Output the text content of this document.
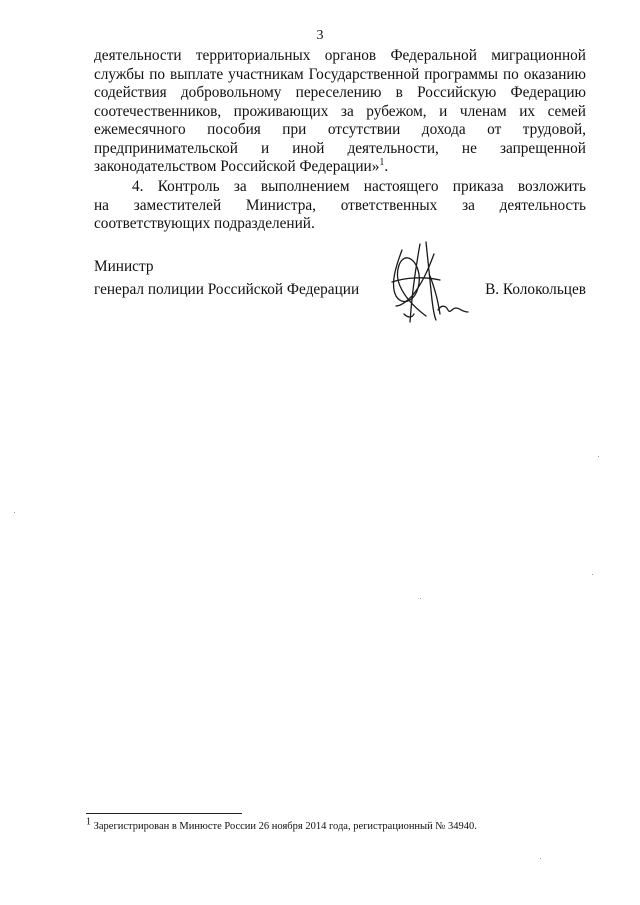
3
деятельности территориальных органов Федеральной миграционной
службы по выплате участникам Государственной программы по оказанию
содействия добровольному переселению в Российскую Федерацию
соотечественников, проживающих за рубежом, и членам их семей
ежемесячного пособия при отсутствии дохода от трудовой,
предпринимательской и иной деятельности, не запрещенной
законодательством Российской Федерации»$^1$.
4. Контроль за выполнением настоящего приказа возложить
на заместителей Министра, ответственных за деятельность
соответствующих подразделений.
Министр
генерал полиции Российской Федерации	В. Колокольцев
$^1$ Зарегистрирован в Минюсте России 26 ноября 2014 года, регистрационный № 34940.
